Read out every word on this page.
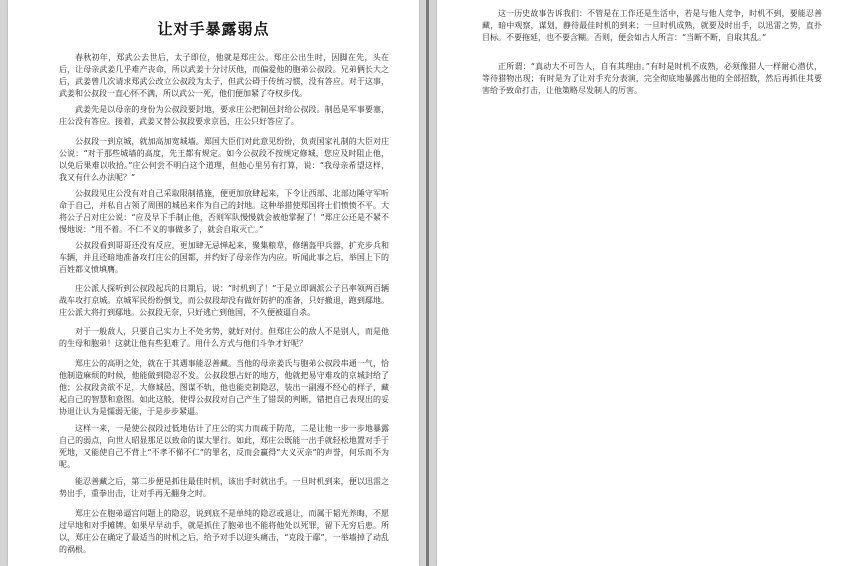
让对手暴露弱点

春秋初年，郑武公去世后，太子即位，他就是郑庄公。郑庄公出生时，因脚在先，头在后，让母亲武姜几乎难产丧命，所以武姜十分讨厌他，而偏爱他的胞弟公叔段。兄弟俩长大之后，武姜曾几次请求郑武公改立公叔段为太子，但武公碍于传统习惯，没有答应。对于这事，武姜和公叔段一直心怀不满，所以武公一死，他们便加紧了夺权步伐。

武姜先是以母亲的身份为公叔段要封地，要求庄公把制邑封给公叔段。制邑是军事要塞，庄公没有答应。接着，武姜又替公叔段要求京邑，庄公只好答应了。

公叔段一到京城，就加高加宽城墙。郑国大臣们对此意见纷纷，负责国家礼制的大臣对庄公说：“对于那些城墙的高度，先王都有规定。如今公叔段不按规定修城，您应及时阻止他，以免后果难以收拾。”庄公何尝不明白这个道理，但他心里另有打算，说：“我母亲希望这样，我又有什么办法呢？”

公叔段见庄公没有对自己采取限制措施，便更加放肆起来，下令让西部、北部边陲守军听命于自己，并私自占领了周围的城邑来作为自己的封地。这种举措使郑国将士们愤愤不平。大将公子吕对庄公说：“应及早下手制止他，否则军队慢慢就会被他掌握了！”郑庄公还是不紧不慢地说：“用不着。不仁不义的事做多了，就会自取灭亡。”

公叔段看到哥哥还没有反应，更加肆无忌惮起来，聚集粮草，修缮盔甲兵器，扩充步兵和车辆，并且还暗地准备攻打庄公的国都，并约好了母亲作为内应。听闻此事之后，举国上下的百姓都义愤填膺。

庄公派人探听到公叔段起兵的日期后，说：“时机到了！”于是立即调派公子吕率领两百辆战车攻打京城。京城军民纷纷倒戈，而公叔段却没有做好防护的准备，只好撤退，跑到鄢地。庄公派大将打到鄢地。公叔段无奈，只好逃亡到他国，不久便被逼自杀。

对于一般敌人，只要自己实力上不处劣势，就好对付。但郑庄公的敌人不是别人，而是他的生母和胞弟！这就让他有些犯难了。用什么方式与他们斗争才好呢？

郑庄公的高明之处，就在于其遇事能忍善藏。当他的母亲姜氏与胞弟公叔段串通一气，恰他制造麻烦的时候，他能做到隐忍不发。公叔段想占好的地方，他就把易守难攻的京城封给了他；公叔段贪欲不足，大修城邑，图谋不轨，他也能克制隐忍，装出一副漫不经心的样子，藏起自己的智慧和意图。如此这般，使得公叔段对自己产生了错误的判断，错把自己表现出的妥协退让认为是懦弱无能，于是步步紧逼。

这样一来，一是使公叔段过低地估计了庄公的实力而疏于防范，二是让他一步一步地暴露自己的弱点，向世人昭显那足以致命的谋大罪行。如此，郑庄公既能一出手就轻松地置对手于死地，又能使自己不背上“不孝不悌不仁”的罪名，反而会赢得“大义灭亲”的声誉，何乐而不为呢。

能忍善藏之后，第二步便是抓住最佳时机，该出手时就出手。一旦时机到来，便以迅雷之势出手，重拳出击，让对手再无翻身之时。

郑庄公在胞弟逼宫问题上的隐忍，说到底不是单纯的隐忍或退让，而属于韬光养晦，不愿过早地和对手摊牌。如果早早动手，就是抓住了胞弟也不能将他处以死罪，留下无穷后患。所以，郑庄公在确定了最适当的时机之后，给予对手以迎头痛击，“克段于鄢”，一举墙掉了动乱的祸根。

这一历史故事告诉我们：不管是在工作还是生活中，若是与他人竞争，时机不到，要能忍善藏，暗中观察，谋划，静待最佳时机的到来；一旦时机成熟，就要及时出手，以迅雷之势，直扑目标。不要拖延，也不要含糊。否则，便会如古人所言：“当断不断，自取其乱。”

正所谓：“真动大不可告人，自有其理由。”有时是时机不成熟，必须像猎人一样耐心潜伏，等待猎物出现；有时是为了让对手充分表演，完全彻底地暴露出他的全部招数，然后再抓住其要害给予致命打击，让他策略尽发制人的厉害。
